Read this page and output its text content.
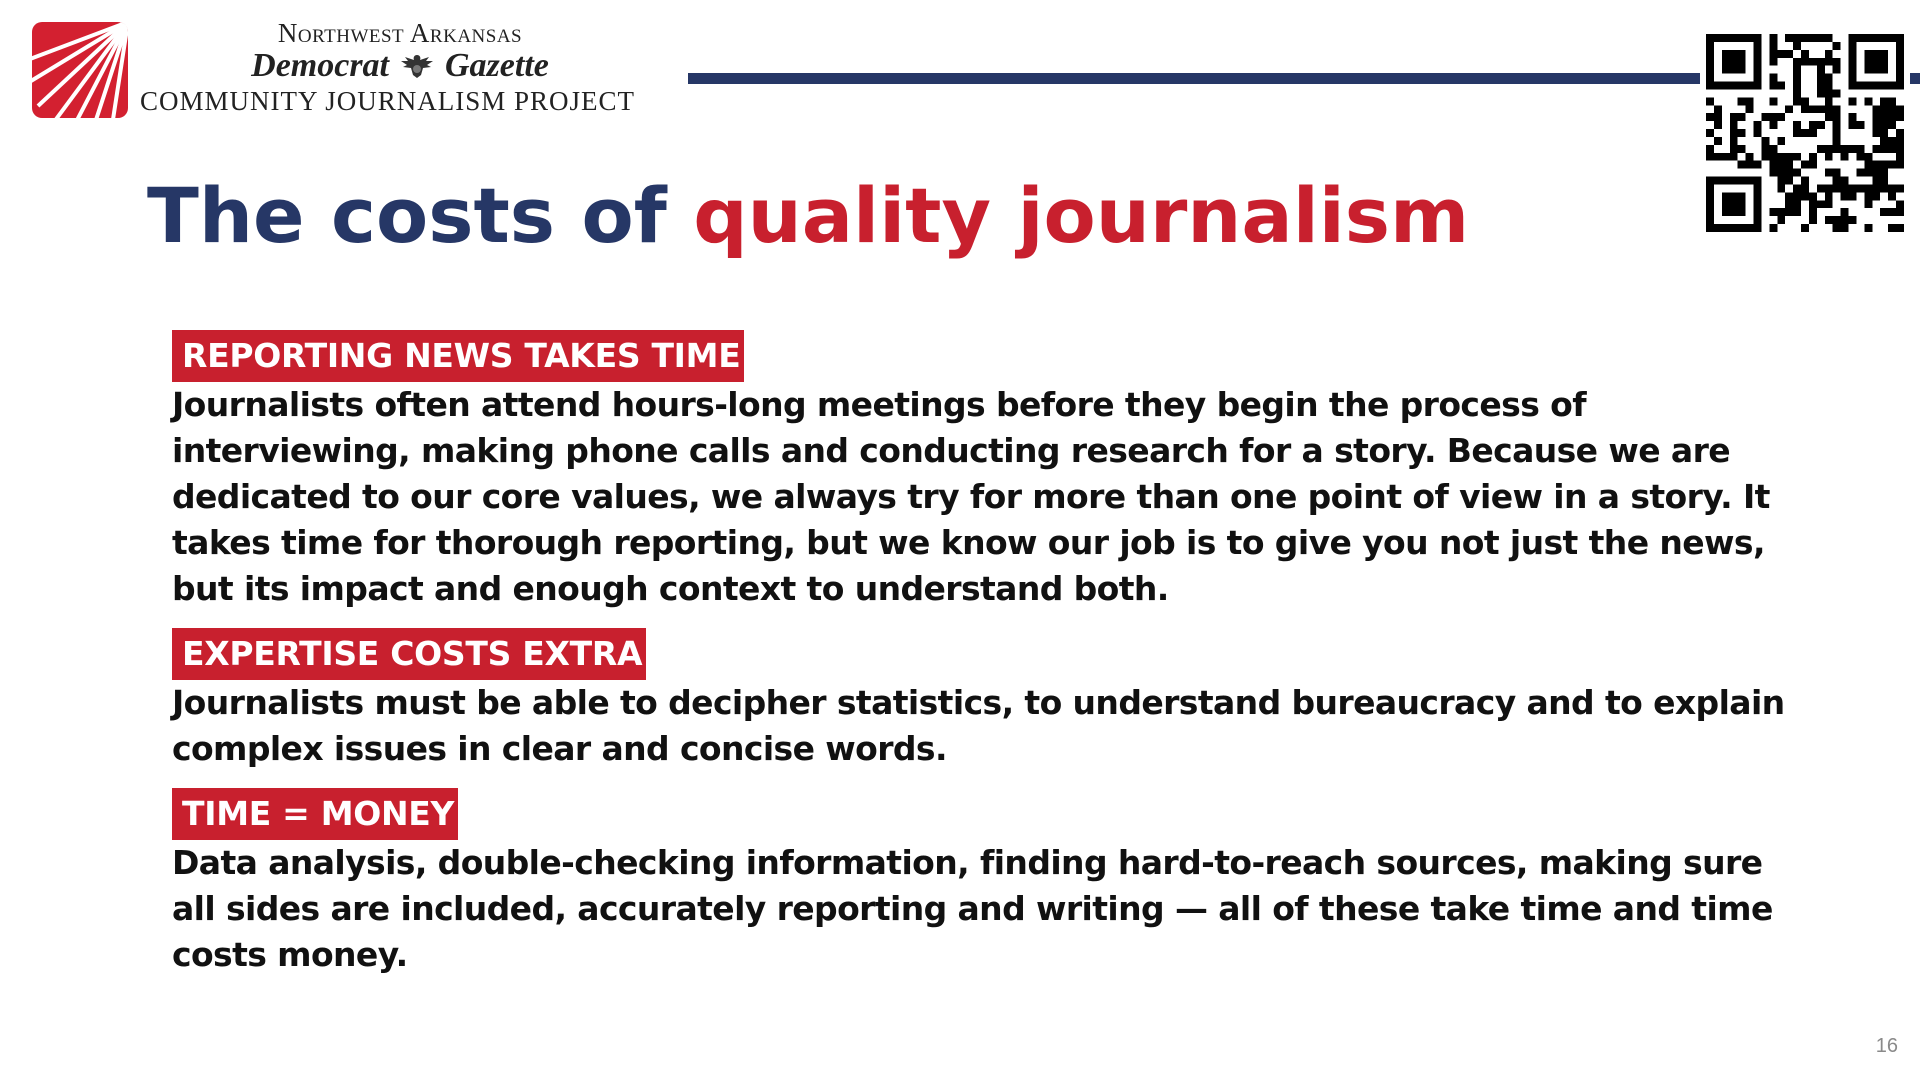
Northwest Arkansas
Democrat Gazette
COMMUNITY JOURNALISM PROJECT
The costs of quality journalism
REPORTING NEWS TAKES TIME

Journalists often attend hours-long meetings before they begin the process of interviewing, making phone calls and conducting research for a story. Because we are dedicated to our core values, we always try for more than one point of view in a story. It takes time for thorough reporting, but we know our job is to give you not just the news, but its impact and enough context to understand both.

EXPERTISE COSTS EXTRA

Journalists must be able to decipher statistics, to understand bureaucracy and to explain complex issues in clear and concise words.

TIME = MONEY

Data analysis, double-checking information, finding hard-to-reach sources, making sure all sides are included, accurately reporting and writing — all of these take time and time costs money.

16
